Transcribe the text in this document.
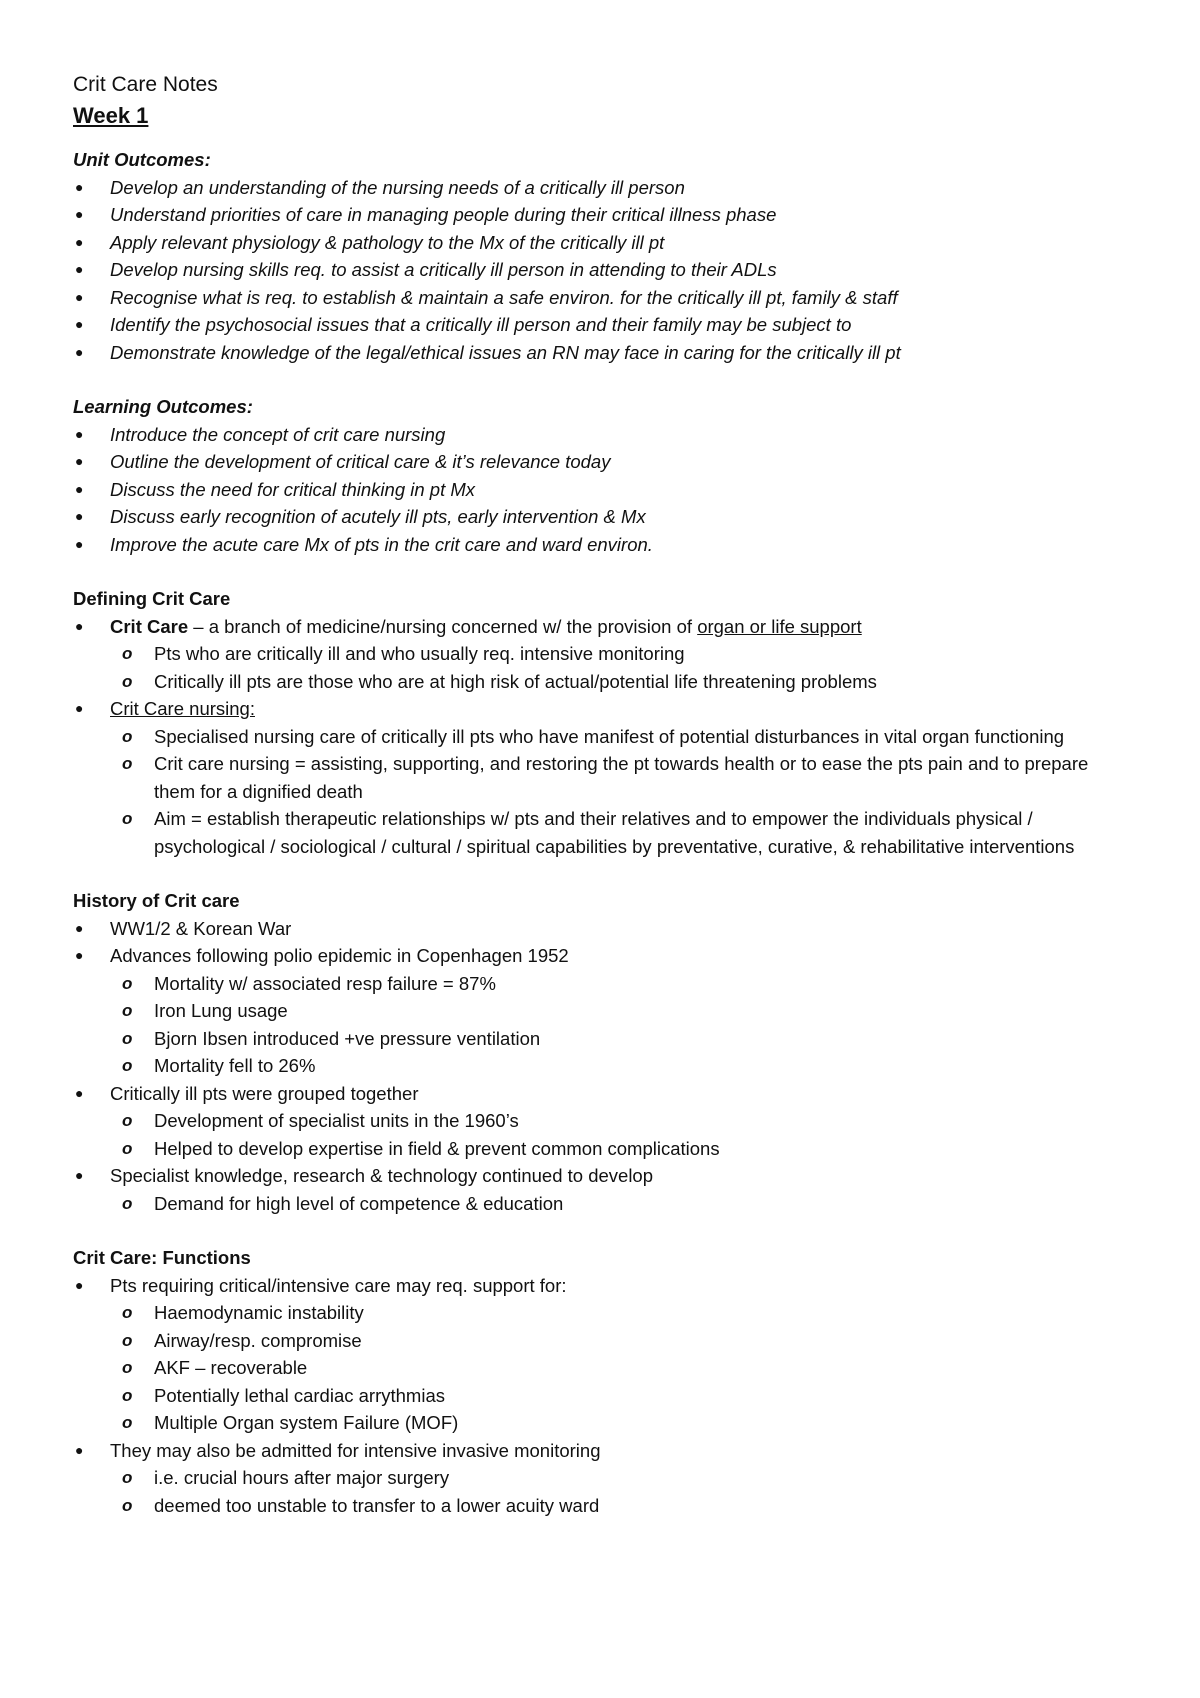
Crit Care Notes
Week 1
Unit Outcomes:
● Develop an understanding of the nursing needs of a critically ill person
● Understand priorities of care in managing people during their critical illness phase
● Apply relevant physiology & pathology to the Mx of the critically ill pt
● Develop nursing skills req. to assist a critically ill person in attending to their ADLs
● Recognise what is req. to establish & maintain a safe environ. for the critically ill pt, family & staff
● Identify the psychosocial issues that a critically ill person and their family may be subject to
● Demonstrate knowledge of the legal/ethical issues an RN may face in caring for the critically ill pt
Learning Outcomes:
● Introduce the concept of crit care nursing
● Outline the development of critical care & it’s relevance today
● Discuss the need for critical thinking in pt Mx
● Discuss early recognition of acutely ill pts, early intervention & Mx
● Improve the acute care Mx of pts in the crit care and ward environ.
Defining Crit Care
● Crit Care – a branch of medicine/nursing concerned w/ the provision of organ or life support
o Pts who are critically ill and who usually req. intensive monitoring
o Critically ill pts are those who are at high risk of actual/potential life threatening problems
● Crit Care nursing:
o Specialised nursing care of critically ill pts who have manifest of potential disturbances in vital organ functioning
o Crit care nursing = assisting, supporting, and restoring the pt towards health or to ease the pts pain and to prepare them for a dignified death
o Aim = establish therapeutic relationships w/ pts and their relatives and to empower the individuals physical / psychological / sociological / cultural / spiritual capabilities by preventative, curative, & rehabilitative interventions
History of Crit care
● WW1/2 & Korean War
● Advances following polio epidemic in Copenhagen 1952
o Mortality w/ associated resp failure = 87%
o Iron Lung usage
o Bjorn Ibsen introduced +ve pressure ventilation
o Mortality fell to 26%
● Critically ill pts were grouped together
o Development of specialist units in the 1960’s
o Helped to develop expertise in field & prevent common complications
● Specialist knowledge, research & technology continued to develop
o Demand for high level of competence & education
Crit Care: Functions
● Pts requiring critical/intensive care may req. support for:
o Haemodynamic instability
o Airway/resp. compromise
o AKF – recoverable
o Potentially lethal cardiac arrythmias
o Multiple Organ system Failure (MOF)
● They may also be admitted for intensive invasive monitoring
o i.e. crucial hours after major surgery
o deemed too unstable to transfer to a lower acuity ward
